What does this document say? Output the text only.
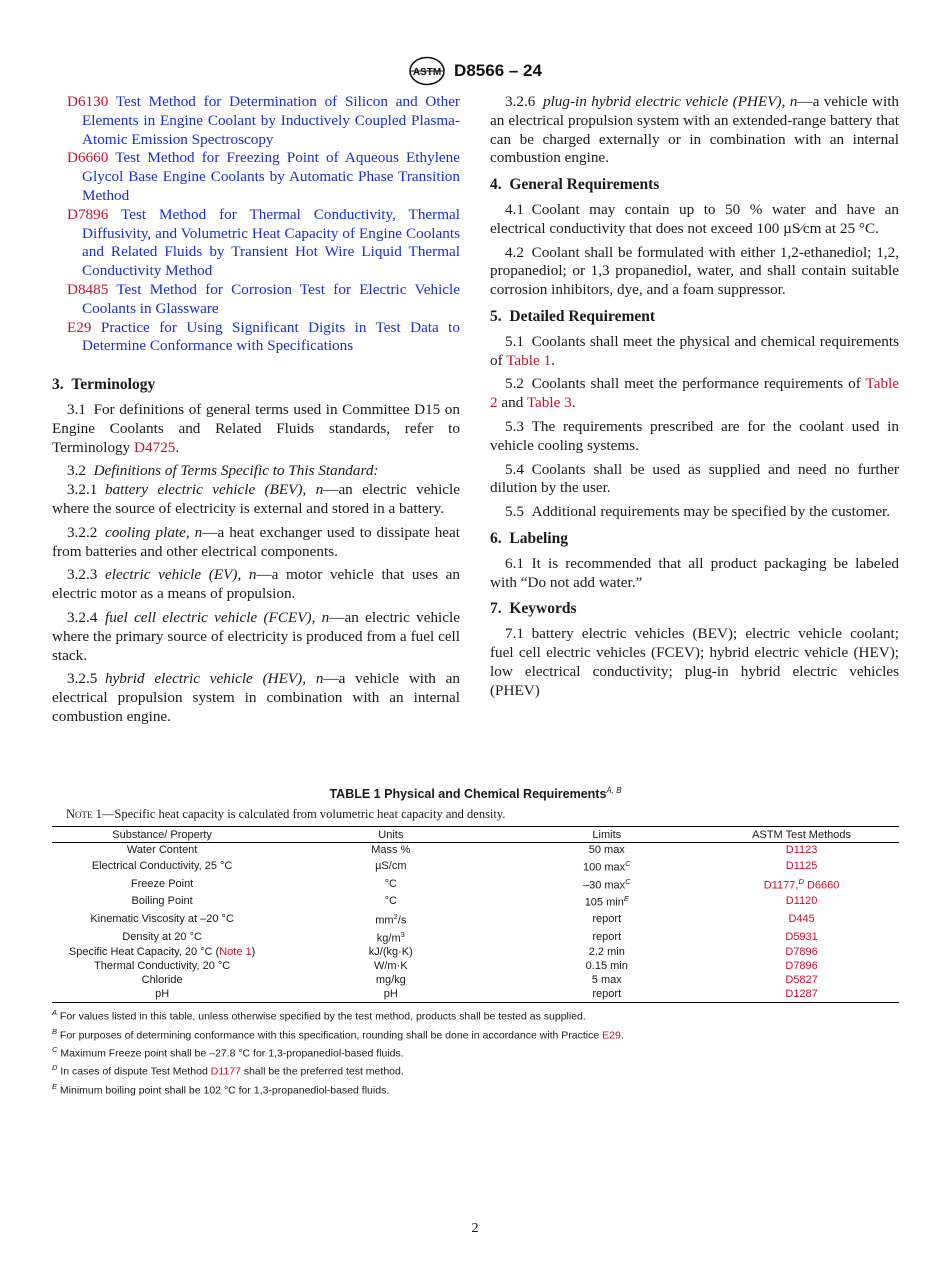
ASTM D8566 – 24
D6130 Test Method for Determination of Silicon and Other Elements in Engine Coolant by Inductively Coupled Plasma-Atomic Emission Spectroscopy
D6660 Test Method for Freezing Point of Aqueous Ethylene Glycol Base Engine Coolants by Automatic Phase Transition Method
D7896 Test Method for Thermal Conductivity, Thermal Diffusivity, and Volumetric Heat Capacity of Engine Coolants and Related Fluids by Transient Hot Wire Liquid Thermal Conductivity Method
D8485 Test Method for Corrosion Test for Electric Vehicle Coolants in Glassware
E29 Practice for Using Significant Digits in Test Data to Determine Conformance with Specifications
3. Terminology

3.1 For definitions of general terms used in Committee D15 on Engine Coolants and Related Fluids standards, refer to Terminology D4725.

3.2 Definitions of Terms Specific to This Standard:

3.2.1 battery electric vehicle (BEV), n—an electric vehicle where the source of electricity is external and stored in a battery.

3.2.2 cooling plate, n—a heat exchanger used to dissipate heat from batteries and other electrical components.

3.2.3 electric vehicle (EV), n—a motor vehicle that uses an electric motor as a means of propulsion.

3.2.4 fuel cell electric vehicle (FCEV), n—an electric vehicle where the primary source of electricity is produced from a fuel cell stack.

3.2.5 hybrid electric vehicle (HEV), n—a vehicle with an electrical propulsion system in combination with an internal combustion engine.

3.2.6 plug-in hybrid electric vehicle (PHEV), n—a vehicle with an electrical propulsion system with an extended-range battery that can be charged externally or in combination with an internal combustion engine.

4. General Requirements

4.1 Coolant may contain up to 50 % water and have an electrical conductivity that does not exceed 100 µS⁄cm at 25 °C.

4.2 Coolant shall be formulated with either 1,2-ethanediol; 1,2, propanediol; or 1,3 propanediol, water, and shall contain suitable corrosion inhibitors, dye, and a foam suppressor.

5. Detailed Requirement

5.1 Coolants shall meet the physical and chemical requirements of Table 1.

5.2 Coolants shall meet the performance requirements of Table 2 and Table 3.

5.3 The requirements prescribed are for the coolant used in vehicle cooling systems.

5.4 Coolants shall be used as supplied and need no further dilution by the user.

5.5 Additional requirements may be specified by the customer.

6. Labeling

6.1 It is recommended that all product packaging be labeled with “Do not add water.”

7. Keywords

7.1 battery electric vehicles (BEV); electric vehicle coolant; fuel cell electric vehicles (FCEV); hybrid electric vehicle (HEV); low electrical conductivity; plug-in hybrid electric vehicles (PHEV)

TABLE 1 Physical and Chemical Requirements$^{A, B}$
Note 1—Specific heat capacity is calculated from volumetric heat capacity and density.
Substance/ Property	Units	Limits	ASTM Test Methods
Water Content	Mass %	50 max	D1123
Electrical Conductivity, 25 °C	µS/cm	100 $\max^C$	D1125
Freeze Point	°C	–30 $\max^C$	D1177,$^D$ D6660
Boiling Point	°C	105 $\min^E$	D1120
Kinematic Viscosity at –20 °C	$mm^2/s$	report	D445
Density at 20 °C	$kg/m^3$	report	D5931
Specific Heat Capacity, 20 °C (Note 1)	kJ/(kg·K)	2.2 min	D7896
Thermal Conductivity, 20 °C	W/m·K	0.15 min	D7896
Chloride	mg/kg	5 max	D5827
pH	pH	report	D1287
$^A$ For values listed in this table, unless otherwise specified by the test method, products shall be tested as supplied.
$^B$ For purposes of determining conformance with this specification, rounding shall be done in accordance with Practice E29.
$^C$ Maximum Freeze point shall be –27.8 °C for 1,3-propanediol-based fluids.
$^D$ In cases of dispute Test Method D1177 shall be the preferred test method.
$^E$ Minimum boiling point shall be 102 °C for 1,3-propanediol-based fluids.
2
